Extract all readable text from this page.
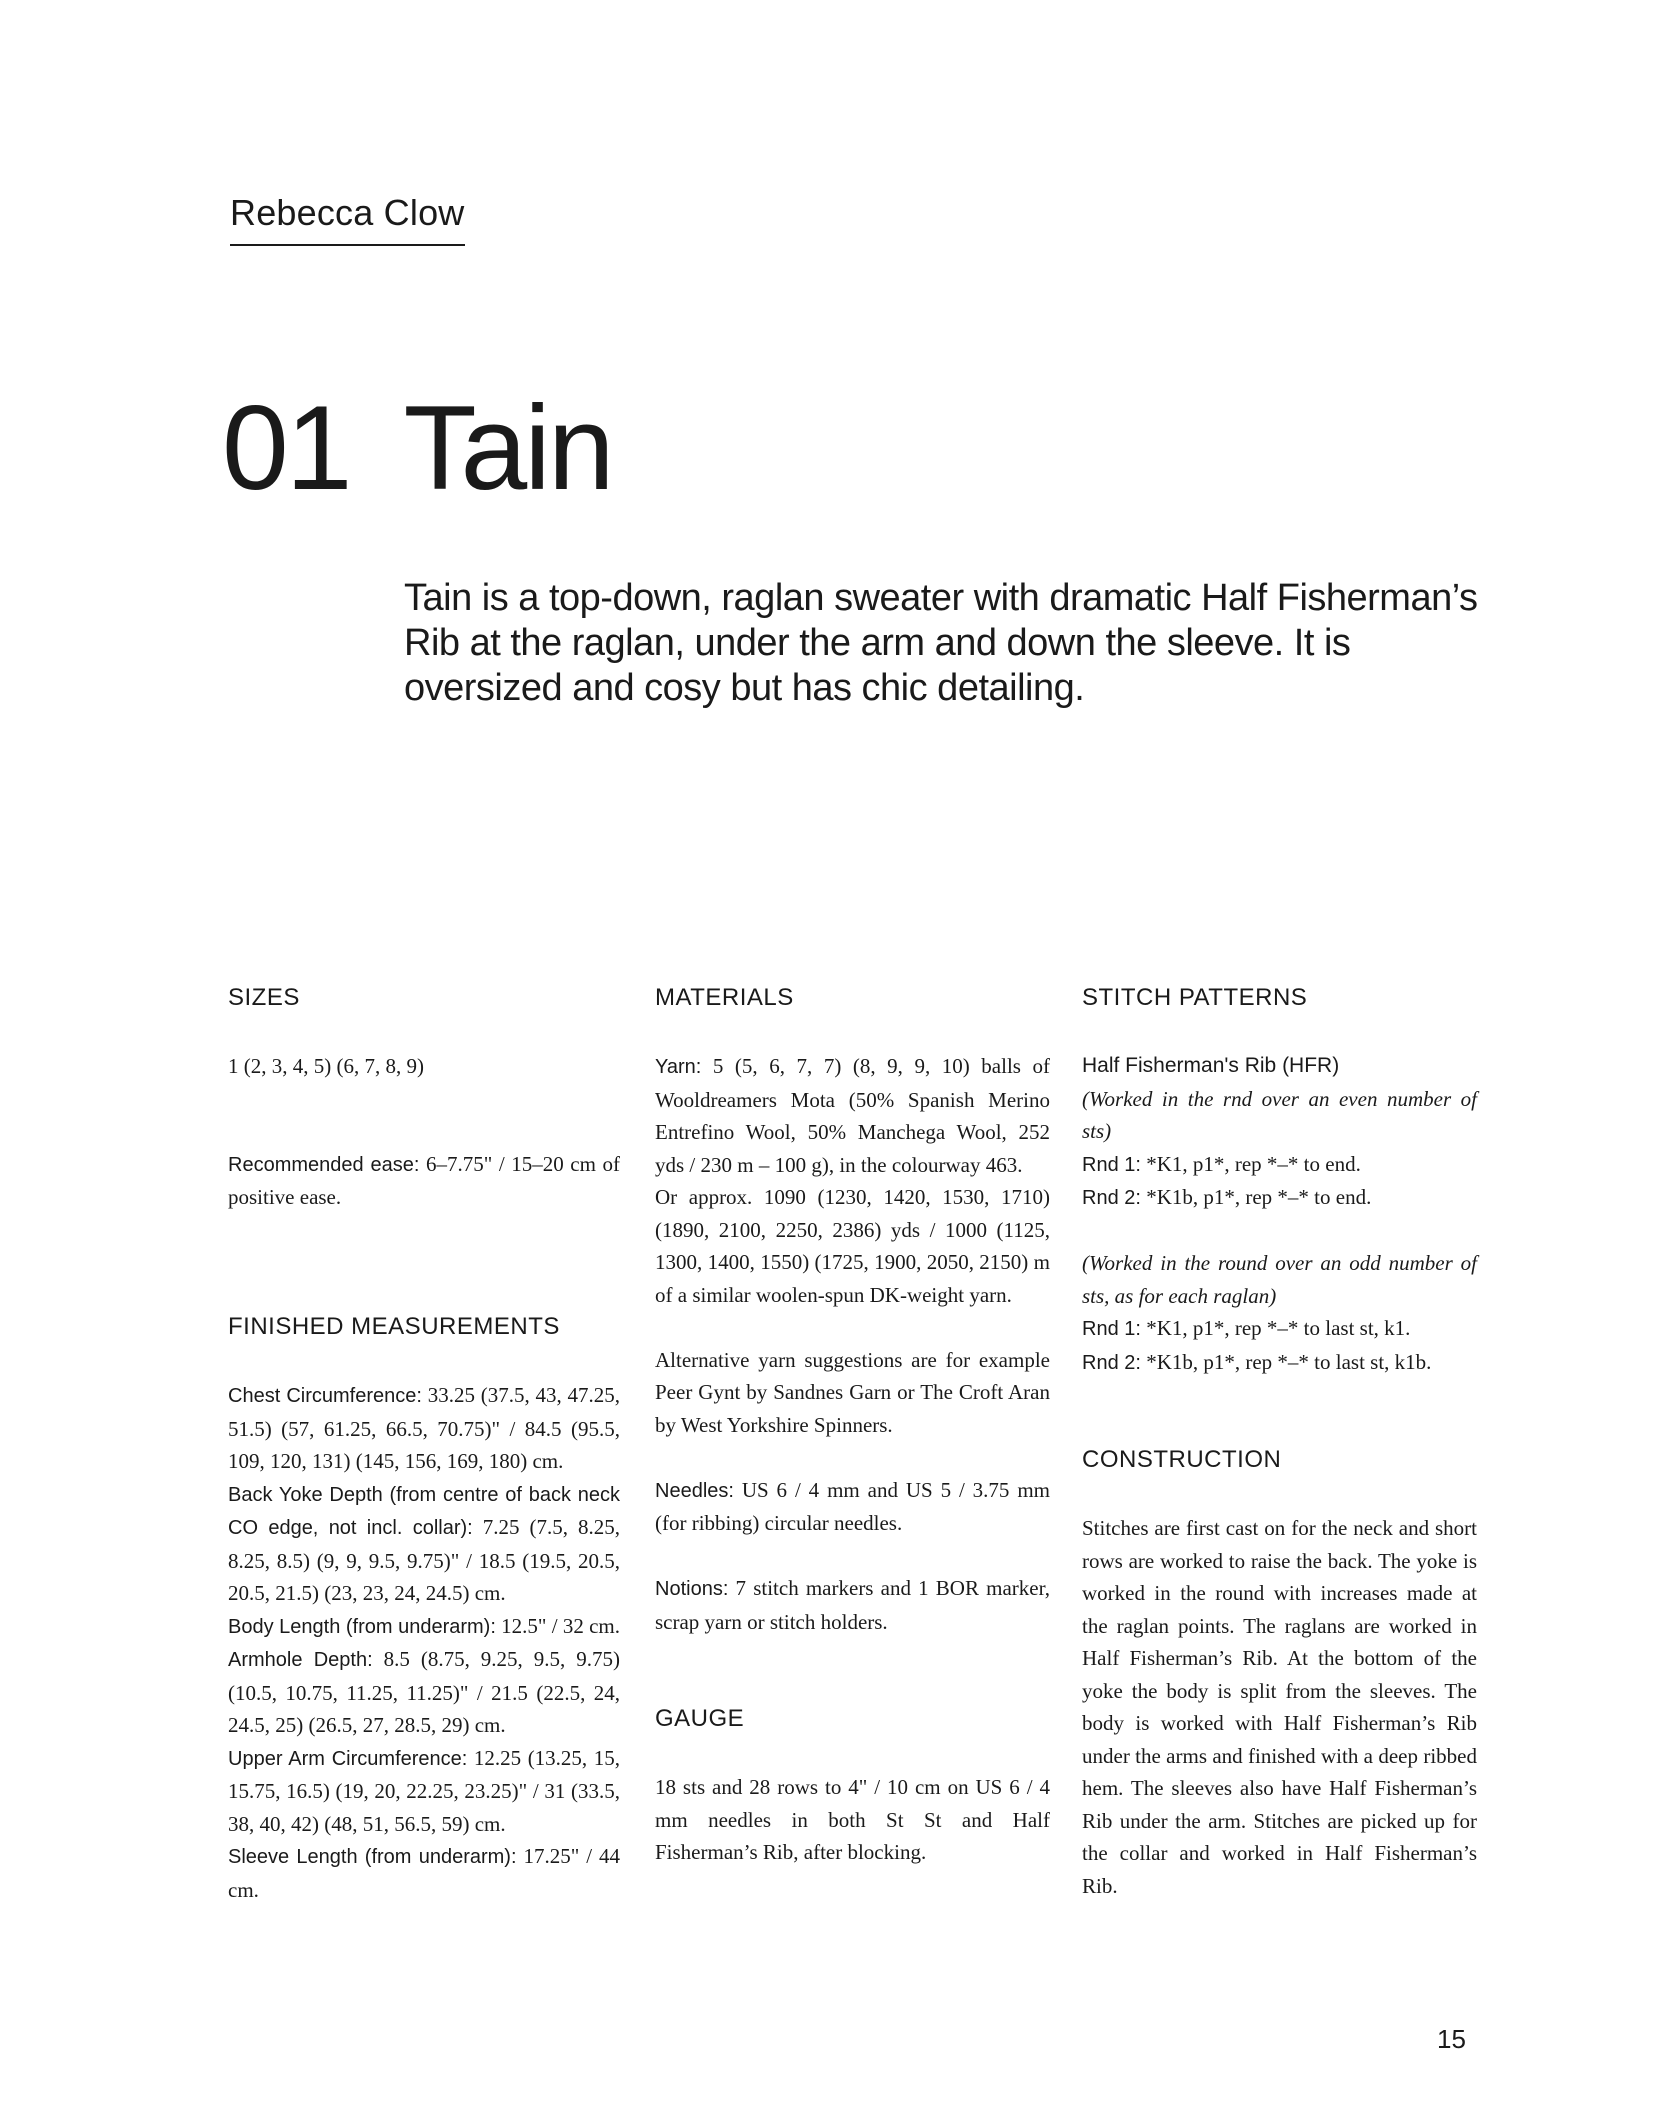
Rebecca Clow
01 Tain

Tain is a top-down, raglan sweater with dramatic Half Fisherman’s Rib at the raglan, under the arm and down the sleeve. It is oversized and cosy but has chic detailing.

SIZES

1 (2, 3, 4, 5) (6, 7, 8, 9)

Recommended ease: 6–7.75" / 15–20 cm of positive ease.

FINISHED MEASUREMENTS

Chest Circumference: 33.25 (37.5, 43, 47.25, 51.5) (57, 61.25, 66.5, 70.75)" / 84.5 (95.5, 109, 120, 131) (145, 156, 169, 180) cm.

Back Yoke Depth (from centre of back neck CO edge, not incl. collar): 7.25 (7.5, 8.25, 8.25, 8.5) (9, 9, 9.5, 9.75)" / 18.5 (19.5, 20.5, 20.5, 21.5) (23, 23, 24, 24.5) cm.

Body Length (from underarm): 12.5" / 32 cm.

Armhole Depth: 8.5 (8.75, 9.25, 9.5, 9.75) (10.5, 10.75, 11.25, 11.25)" / 21.5 (22.5, 24, 24.5, 25) (26.5, 27, 28.5, 29) cm.

Upper Arm Circumference: 12.25 (13.25, 15, 15.75, 16.5) (19, 20, 22.25, 23.25)" / 31 (33.5, 38, 40, 42) (48, 51, 56.5, 59) cm.

Sleeve Length (from underarm): 17.25" / 44 cm.

MATERIALS

Yarn: 5 (5, 6, 7, 7) (8, 9, 9, 10) balls of Wooldreamers Mota (50% Spanish Merino Entrefino Wool, 50% Manchega Wool, 252 yds / 230 m – 100 g), in the colourway 463.

Or approx. 1090 (1230, 1420, 1530, 1710) (1890, 2100, 2250, 2386) yds / 1000 (1125, 1300, 1400, 1550) (1725, 1900, 2050, 2150) m of a similar woolen-spun DK-weight yarn.

Alternative yarn suggestions are for example Peer Gynt by Sandnes Garn or The Croft Aran by West Yorkshire Spinners.

Needles: US 6 / 4 mm and US 5 / 3.75 mm (for ribbing) circular needles.

Notions: 7 stitch markers and 1 BOR marker, scrap yarn or stitch holders.

GAUGE

18 sts and 28 rows to 4" / 10 cm on US 6 / 4 mm needles in both St St and Half Fisherman’s Rib, after blocking.

STITCH PATTERNS

Half Fisherman's Rib (HFR)

(Worked in the rnd over an even number of sts)

Rnd 1: *K1, p1*, rep *–* to end.

Rnd 2: *K1b, p1*, rep *–* to end.

(Worked in the round over an odd number of sts, as for each raglan)

Rnd 1: *K1, p1*, rep *–* to last st, k1.

Rnd 2: *K1b, p1*, rep *–* to last st, k1b.

CONSTRUCTION

Stitches are first cast on for the neck and short rows are worked to raise the back. The yoke is worked in the round with increases made at the raglan points. The raglans are worked in Half Fisherman’s Rib. At the bottom of the yoke the body is split from the sleeves. The body is worked with Half Fisherman’s Rib under the arms and finished with a deep ribbed hem. The sleeves also have Half Fisherman’s Rib under the arm. Stitches are picked up for the collar and worked in Half Fisherman’s Rib.

15
